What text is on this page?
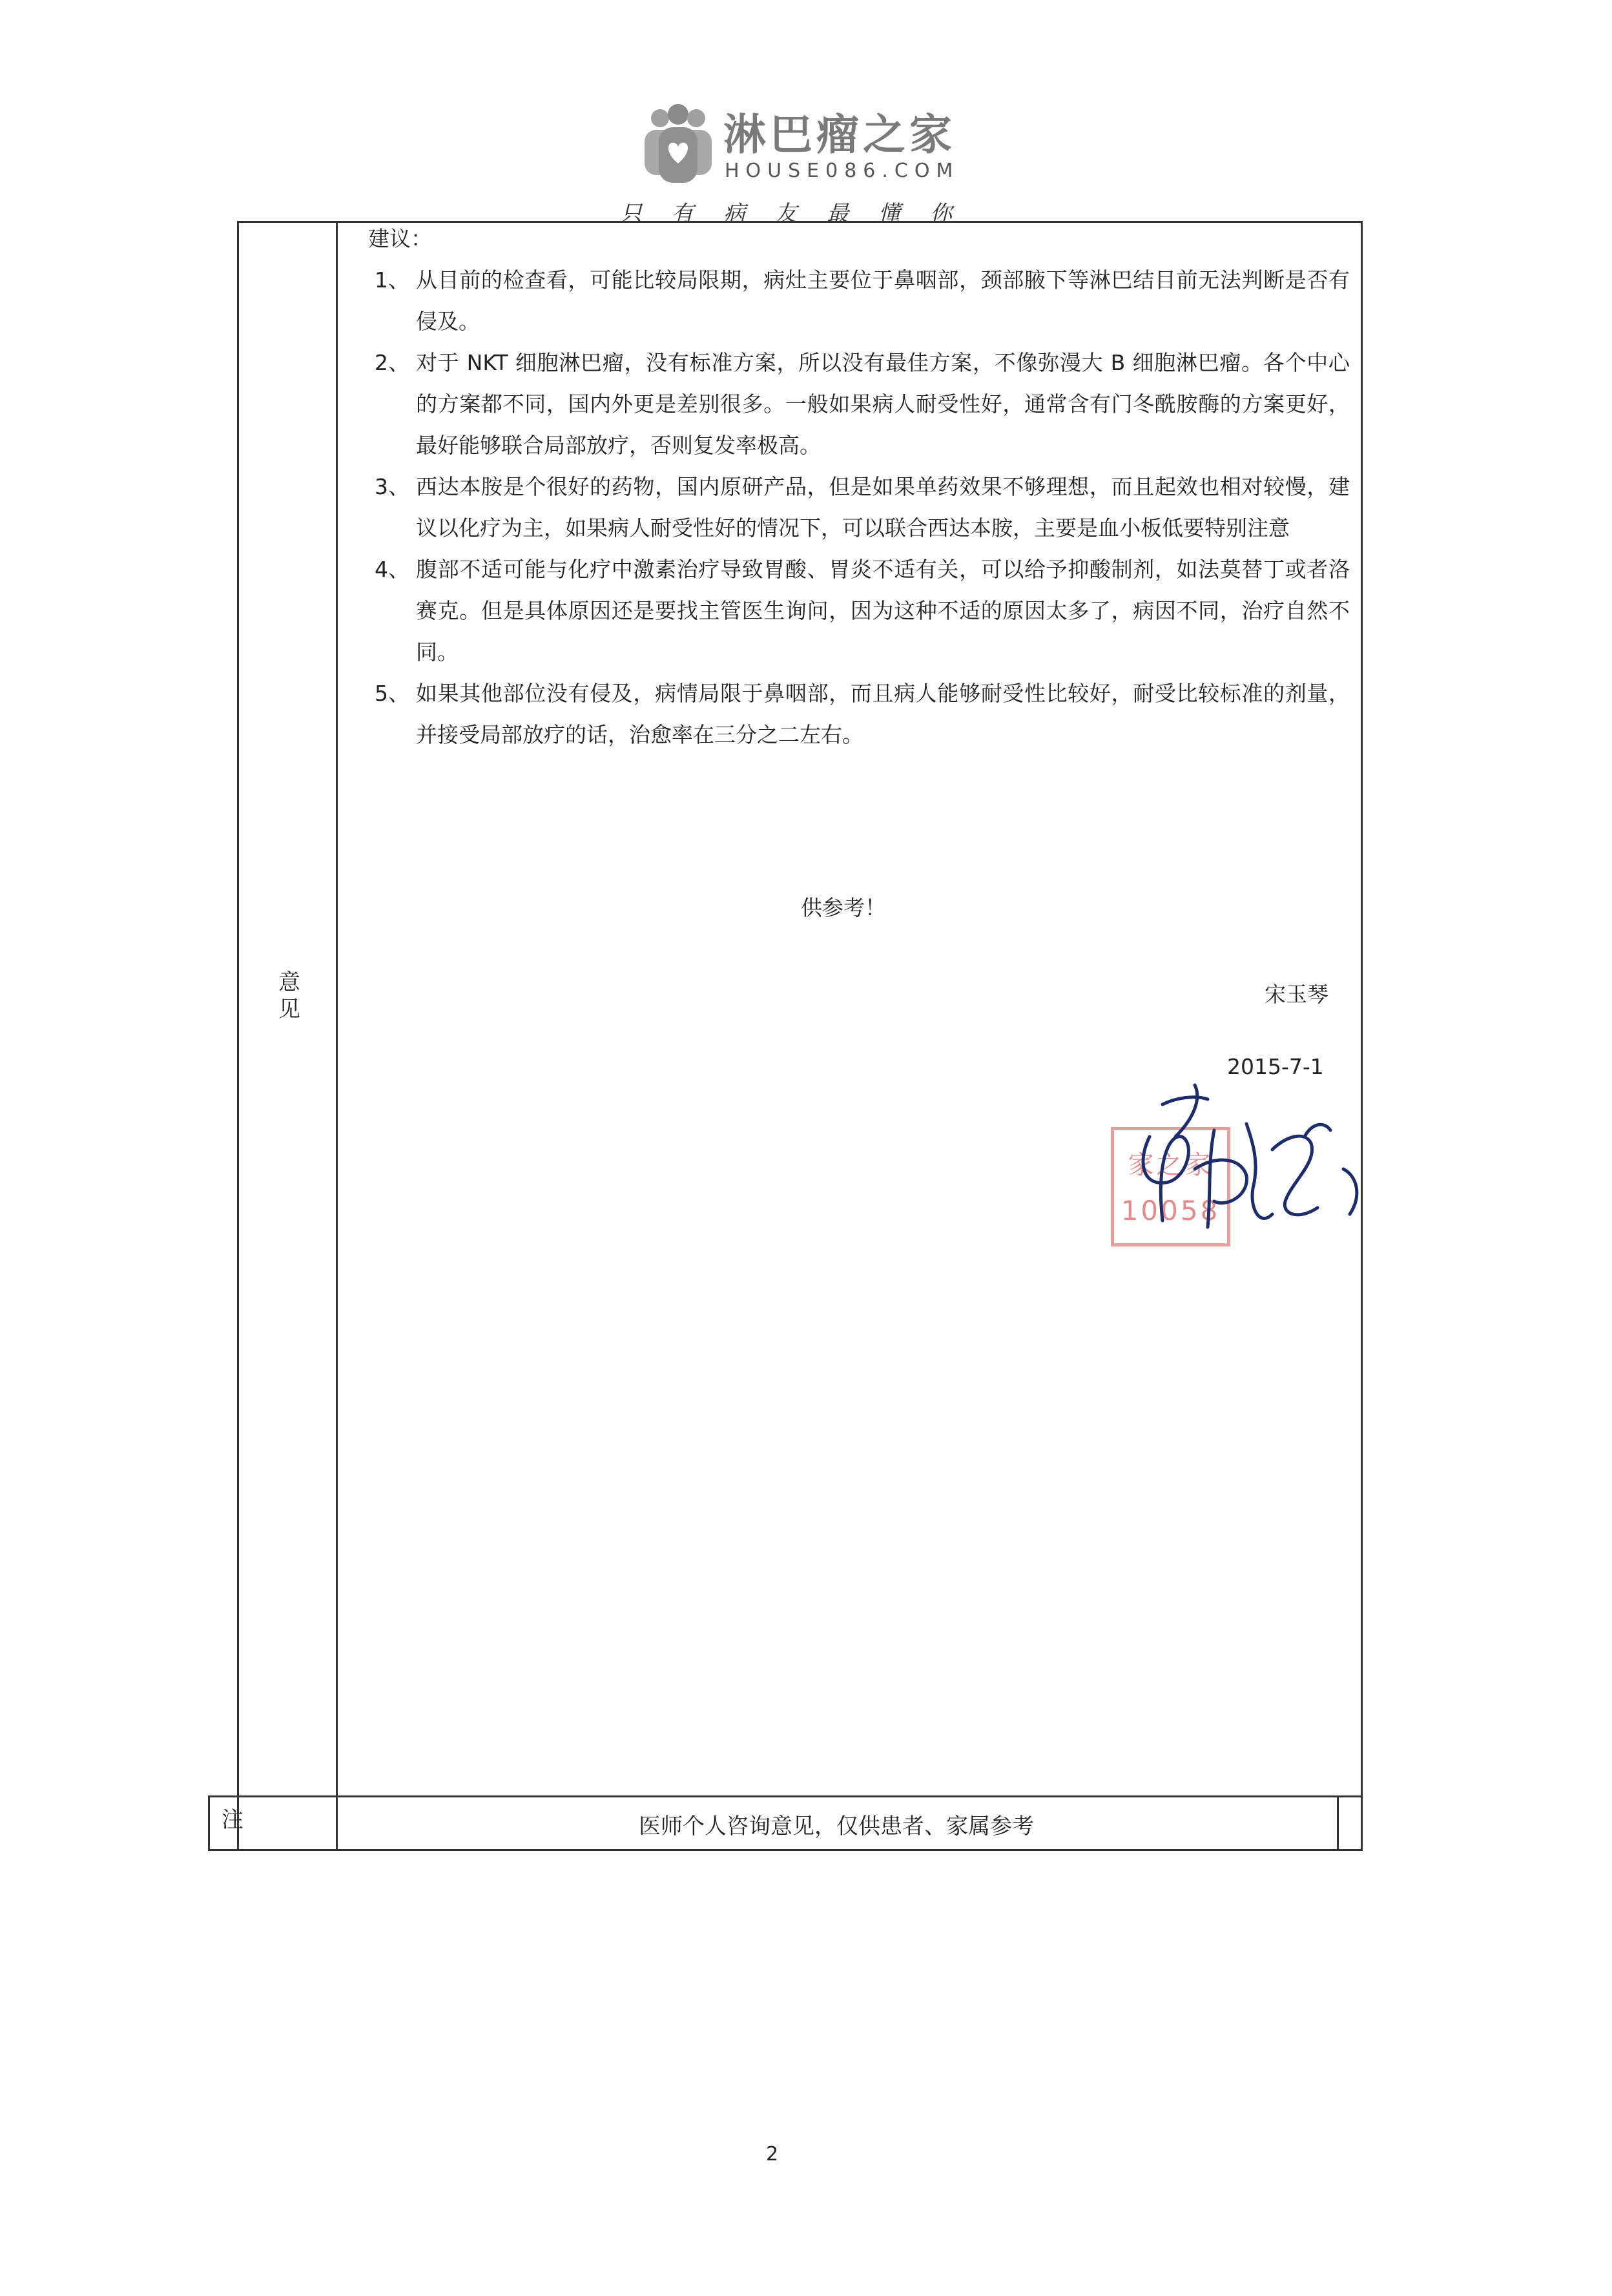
淋巴瘤之家
HOUSE086.COM
只有病友最懂你
意
见

建议：

1、 从目前的检查看，可能比较局限期，病灶主要位于鼻咽部，颈部腋下等淋巴结目前无法判断是否有侵及。

2、 对于 NKT 细胞淋巴瘤，没有标准方案，所以没有最佳方案，不像弥漫大 B 细胞淋巴瘤。各个中心的方案都不同，国内外更是差别很多。一般如果病人耐受性好，通常含有门冬酰胺酶的方案更好，最好能够联合局部放疗，否则复发率极高。

3、 西达本胺是个很好的药物，国内原研产品，但是如果单药效果不够理想，而且起效也相对较慢，建议以化疗为主，如果病人耐受性好的情况下，可以联合西达本胺，主要是血小板低要特别注意

4、 腹部不适可能与化疗中激素治疗导致胃酸、胃炎不适有关，可以给予抑酸制剂，如法莫替丁或者洛赛克。但是具体原因还是要找主管医生询问，因为这种不适的原因太多了，病因不同，治疗自然不同。

5、 如果其他部位没有侵及，病情局限于鼻咽部，而且病人能够耐受性比较好，耐受比较标准的剂量，并接受局部放疗的话，治愈率在三分之二左右。

供参考！
宋玉琴
2015-7-1
家之家
10058
注	医师个人咨询意见，仅供患者、家属参考
2
